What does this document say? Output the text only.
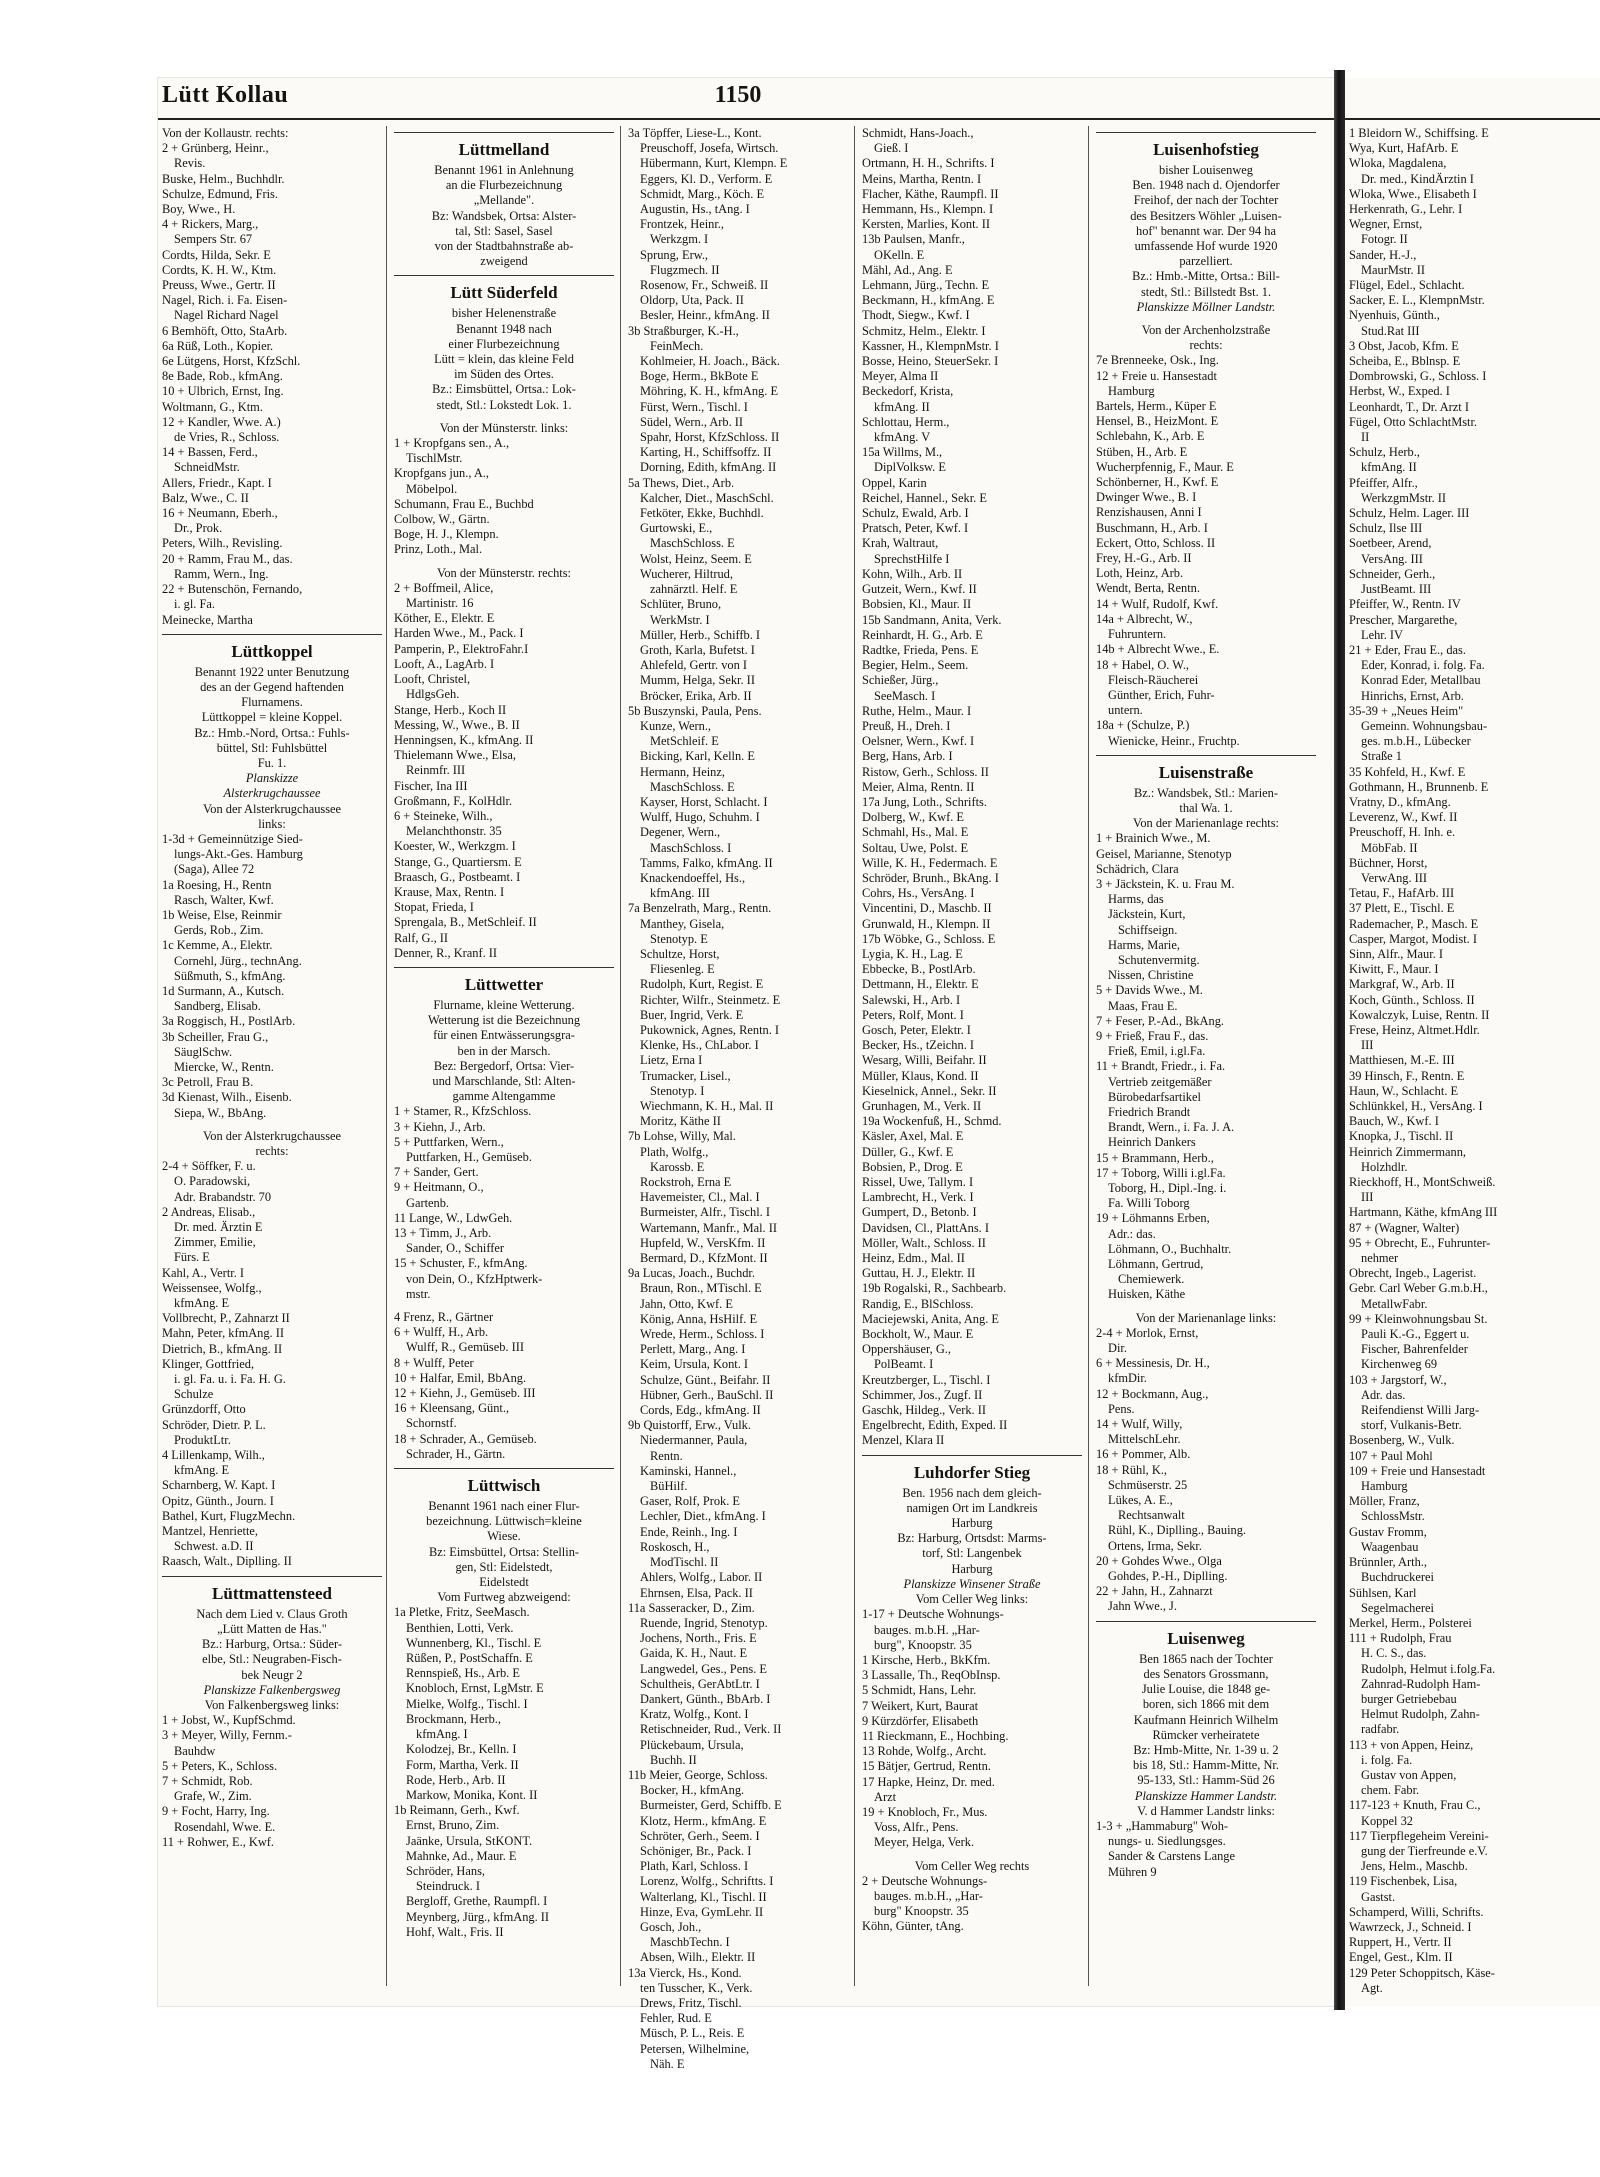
Lütt Kollau	1150
Von der Kollaustr. rechts:
2 + Grünberg, Heinr.,
Revis.
Buske, Helm., Buchhdlr.
Schulze, Edmund, Fris.
Boy, Wwe., H.
4 + Rickers, Marg.,
Sempers Str. 67
Cordts, Hilda, Sekr. E
Cordts, K. H. W., Ktm.
Preuss, Wwe., Gertr. II
Nagel, Rich. i. Fa. Eisen-
Nagel Richard Nagel
6 Bemhöft, Otto, StaArb.
6a Rüß, Loth., Kopier.
6e Lütgens, Horst, KfzSchl.
8e Bade, Rob., kfmAng.
10 + Ulbrich, Ernst, Ing.
Woltmann, G., Ktm.
12 + Kandler, Wwe. A.)
de Vries, R., Schloss.
14 + Bassen, Ferd.,
SchneidMstr.
Allers, Friedr., Kapt. I
Balz, Wwe., C. II
16 + Neumann, Eberh.,
Dr., Prok.
Peters, Wilh., Revisling.
20 + Ramm, Frau M., das.
Ramm, Wern., Ing.
22 + Butenschön, Fernando,
i. gl. Fa.
Meinecke, Martha
Lüttkoppel
Benannt 1922 unter Benutzung
des an der Gegend haftenden
Flurnamens.
Lüttkoppel = kleine Koppel.
Bz.: Hmb.-Nord, Ortsa.: Fuhls-
büttel, Stl: Fuhlsbüttel
Fu. 1.
Planskizze
Alsterkrugchaussee
Von der Alsterkrugchaussee
links:
1-3d + Gemeinnützige Sied-
lungs-Akt.-Ges. Hamburg
(Saga), Allee 72
1a Roesing, H., Rentn
Rasch, Walter, Kwf.
1b Weise, Else, Reinmir
Gerds, Rob., Zim.
1c Kemme, A., Elektr.
Cornehl, Jürg., technAng.
Süßmuth, S., kfmAng.
1d Surmann, A., Kutsch.
Sandberg, Elisab.
3a Roggisch, H., PostlArb.
3b Scheiller, Frau G.,
SäuglSchw.
Miercke, W., Rentn.
3c Petroll, Frau B.
3d Kienast, Wilh., Eisenb.
Siepa, W., BbAng.
Von der Alsterkrugchaussee
rechts:
2-4 + Söffker, F. u.
O. Paradowski,
Adr. Brabandstr. 70
2 Andreas, Elisab.,
Dr. med. Ärztin E
Zimmer, Emilie,
Fürs. E
Kahl, A., Vertr. I
Weissensee, Wolfg.,
kfmAng. E
Vollbrecht, P., Zahnarzt II
Mahn, Peter, kfmAng. II
Dietrich, B., kfmAng. II
Klinger, Gottfried,
i. gl. Fa. u. i. Fa. H. G.
Schulze
Grünzdorff, Otto
Schröder, Dietr. P. L.
ProduktLtr.
4 Lillenkamp, Wilh.,
kfmAng. E
Scharnberg, W. Kapt. I
Opitz, Günth., Journ. I
Bathel, Kurt, FlugzMechn.
Mantzel, Henriette,
Schwest. a.D. II
Raasch, Walt., Diplling. II
Lüttmattensteed
Nach dem Lied v. Claus Groth
„Lütt Matten de Has."
Bz.: Harburg, Ortsa.: Süder-
elbe, Stl.: Neugraben-Fisch-
bek Neugr 2
Planskizze Falkenbergsweg
Von Falkenbergsweg links:
1 + Jobst, W., KupfSchmd.
3 + Meyer, Willy, Fernm.-
Bauhdw
5 + Peters, K., Schloss.
7 + Schmidt, Rob.
Grafe, W., Zim.
9 + Focht, Harry, Ing.
Rosendahl, Wwe. E.
11 + Rohwer, E., Kwf.
Lüttmelland
Benannt 1961 in Anlehnung
an die Flurbezeichnung
„Mellande".
Bz: Wandsbek, Ortsa: Alster-
tal, Stl: Sasel, Sasel
von der Stadtbahnstraße ab-
zweigend
Lütt Süderfeld
bisher Helenenstraße
Benannt 1948 nach
einer Flurbezeichnung
Lütt = klein, das kleine Feld
im Süden des Ortes.
Bz.: Eimsbüttel, Ortsa.: Lok-
stedt, Stl.: Lokstedt Lok. 1.
Von der Münsterstr. links:
1 + Kropfgans sen., A.,
TischlMstr.
Kropfgans jun., A.,
Möbelpol.
Schumann, Frau E., Buchbd
Colbow, W., Gärtn.
Boge, H. J., Klempn.
Prinz, Loth., Mal.
Von der Münsterstr. rechts:
2 + Boffmeil, Alice,
Martinistr. 16
Köther, E., Elektr. E
Harden Wwe., M., Pack. I
Pamperin, P., ElektroFahr.I
Looft, A., LagArb. I
Looft, Christel,
HdlgsGeh.
Stange, Herb., Koch II
Messing, W., Wwe., B. II
Henningsen, K., kfmAng. II
Thielemann Wwe., Elsa,
Reinmfr. III
Fischer, Ina III
Großmann, F., KolHdlr.
6 + Steineke, Wilh.,
Melanchthonstr. 35
Koester, W., Werkzgm. I
Stange, G., Quartiersm. E
Braasch, G., Postbeamt. I
Krause, Max, Rentn. I
Stopat, Frieda, I
Sprengala, B., MetSchleif. II
Ralf, G., II
Denner, R., Kranf. II
Lüttwetter
Flurname, kleine Wetterung.
Wetterung ist die Bezeichnung
für einen Entwässerungsgra-
ben in der Marsch.
Bez: Bergedorf, Ortsa: Vier-
und Marschlande, Stl: Alten-
gamme Altengamme
1 + Stamer, R., KfzSchloss.
3 + Kiehn, J., Arb.
5 + Puttfarken, Wern.,
Puttfarken, H., Gemüseb.
7 + Sander, Gert.
9 + Heitmann, O.,
Gartenb.
11 Lange, W., LdwGeh.
13 + Timm, J., Arb.
Sander, O., Schiffer
15 + Schuster, F., kfmAng.
von Dein, O., KfzHptwerk-
mstr.
4 Frenz, R., Gärtner
6 + Wulff, H., Arb.
Wulff, R., Gemüseb. III
8 + Wulff, Peter
10 + Halfar, Emil, BbAng.
12 + Kiehn, J., Gemüseb. III
16 + Kleensang, Günt.,
Schornstf.
18 + Schrader, A., Gemüseb.
Schrader, H., Gärtn.
Lüttwisch
Benannt 1961 nach einer Flur-
bezeichnung. Lüttwisch=kleine
Wiese.
Bz: Eimsbüttel, Ortsa: Stellin-
gen, Stl: Eidelstedt,
Eidelstedt
Vom Furtweg abzweigend:
1a Pletke, Fritz, SeeMasch.
Benthien, Lotti, Verk.
Wunnenberg, Kl., Tischl. E
Rüßen, P., PostSchaffn. E
Rennspieß, Hs., Arb. E
Knobloch, Ernst, LgMstr. E
Mielke, Wolfg., Tischl. I
Brockmann, Herb.,
kfmAng. I
Kolodzej, Br., Kelln. I
Form, Martha, Verk. II
Rode, Herb., Arb. II
Markow, Monika, Kont. II
1b Reimann, Gerh., Kwf.
Ernst, Bruno, Zim.
Jaänke, Ursula, StKONT.
Mahnke, Ad., Maur. E
Schröder, Hans,
Steindruck. I
Bergloff, Grethe, Raumpfl. I
Meynberg, Jürg., kfmAng. II
Hohf, Walt., Fris. II
3a Töpffer, Liese-L., Kont.
Preuschoff, Josefa, Wirtsch.
Hübermann, Kurt, Klempn. E
Eggers, Kl. D., Verform. E
Schmidt, Marg., Köch. E
Augustin, Hs., tAng. I
Frontzek, Heinr.,
Werkzgm. I
Sprung, Erw.,
Flugzmech. II
Rosenow, Fr., Schweiß. II
Oldorp, Uta, Pack. II
Besler, Heinr., kfmAng. II
3b Straßburger, K.-H.,
FeinMech.
Kohlmeier, H. Joach., Bäck.
Boge, Herm., BkBote E
Möhring, K. H., kfmAng. E
Fürst, Wern., Tischl. I
Südel, Wern., Arb. II
Spahr, Horst, KfzSchloss. II
Karting, H., Schiffsoffz. II
Dorning, Edith, kfmAng. II
5a Thews, Diet., Arb.
Kalcher, Diet., MaschSchl.
Fetköter, Ekke, Buchhdl.
Gurtowski, E.,
MaschSchloss. E
Wolst, Heinz, Seem. E
Wucherer, Hiltrud,
zahnärztl. Helf. E
Schlüter, Bruno,
WerkMstr. I
Müller, Herb., Schiffb. I
Groth, Karla, Bufetst. I
Ahlefeld, Gertr. von I
Mumm, Helga, Sekr. II
Bröcker, Erika, Arb. II
5b Buszynski, Paula, Pens.
Kunze, Wern.,
MetSchleif. E
Bicking, Karl, Kelln. E
Hermann, Heinz,
MaschSchloss. E
Kayser, Horst, Schlacht. I
Wulff, Hugo, Schuhm. I
Degener, Wern.,
MaschSchloss. I
Tamms, Falko, kfmAng. II
Knackendoeffel, Hs.,
kfmAng. III
7a Benzelrath, Marg., Rentn.
Manthey, Gisela,
Stenotyp. E
Schultze, Horst,
Fliesenleg. E
Rudolph, Kurt, Regist. E
Richter, Wilfr., Steinmetz. E
Buer, Ingrid, Verk. E
Pukownick, Agnes, Rentn. I
Klenke, Hs., ChLabor. I
Lietz, Erna I
Trumacker, Lisel.,
Stenotyp. I
Wiechmann, K. H., Mal. II
Moritz, Käthe II
7b Lohse, Willy, Mal.
Plath, Wolfg.,
Karossb. E
Rockstroh, Erna E
Havemeister, Cl., Mal. I
Burmeister, Alfr., Tischl. I
Wartemann, Manfr., Mal. II
Hupfeld, W., VersKfm. II
Bermard, D., KfzMont. II
9a Lucas, Joach., Buchdr.
Braun, Ron., MTischl. E
Jahn, Otto, Kwf. E
König, Anna, HsHilf. E
Wrede, Herm., Schloss. I
Perlett, Marg., Ang. I
Keim, Ursula, Kont. I
Schulze, Günt., Beifahr. II
Hübner, Gerh., BauSchl. II
Cords, Edg., kfmAng. II
9b Quistorff, Erw., Vulk.
Niedermanner, Paula,
Rentn.
Kaminski, Hannel.,
BüHilf.
Gaser, Rolf, Prok. E
Lechler, Diet., kfmAng. I
Ende, Reinh., Ing. I
Roskosch, H.,
ModTischl. II
Ahlers, Wolfg., Labor. II
Ehrnsen, Elsa, Pack. II
11a Sasseracker, D., Zim.
Ruende, Ingrid, Stenotyp.
Jochens, North., Fris. E
Gaida, K. H., Naut. E
Langwedel, Ges., Pens. E
Schultheis, GerAbtLtr. I
Dankert, Günth., BbArb. I
Kratz, Wolfg., Kont. I
Retischneider, Rud., Verk. II
Plückebaum, Ursula,
Buchh. II
11b Meier, George, Schloss.
Bocker, H., kfmAng.
Burmeister, Gerd, Schiffb. E
Klotz, Herm., kfmAng. E
Schröter, Gerh., Seem. I
Schöniger, Br., Pack. I
Plath, Karl, Schloss. I
Lorenz, Wolfg., Schriftts. I
Walterlang, Kl., Tischl. II
Hinze, Eva, GymLehr. II
Gosch, Joh.,
MaschbTechn. I
Absen, Wilh., Elektr. II
13a Vierck, Hs., Kond.
ten Tusscher, K., Verk.
Drews, Fritz, Tischl.
Fehler, Rud. E
Müsch, P. L., Reis. E
Petersen, Wilhelmine,
Näh. E
Schmidt, Hans-Joach.,
Gieß. I
Ortmann, H. H., Schrifts. I
Meins, Martha, Rentn. I
Flacher, Käthe, Raumpfl. II
Hemmann, Hs., Klempn. I
Kersten, Marlies, Kont. II
13b Paulsen, Manfr.,
OKelln. E
Mähl, Ad., Ang. E
Lehmann, Jürg., Techn. E
Beckmann, H., kfmAng. E
Thodt, Siegw., Kwf. I
Schmitz, Helm., Elektr. I
Kassner, H., KlempnMstr. I
Bosse, Heino, SteuerSekr. I
Meyer, Alma II
Beckedorf, Krista,
kfmAng. II
Schlottau, Herm.,
kfmAng. V
15a Willms, M.,
DiplVolksw. E
Oppel, Karin
Reichel, Hannel., Sekr. E
Schulz, Ewald, Arb. I
Pratsch, Peter, Kwf. I
Krah, Waltraut,
SprechstHilfe I
Kohn, Wilh., Arb. II
Gutzeit, Wern., Kwf. II
Bobsien, Kl., Maur. II
15b Sandmann, Anita, Verk.
Reinhardt, H. G., Arb. E
Radtke, Frieda, Pens. E
Begier, Helm., Seem.
Schießer, Jürg.,
SeeMasch. I
Ruthe, Helm., Maur. I
Preuß, H., Dreh. I
Oelsner, Wern., Kwf. I
Berg, Hans, Arb. I
Ristow, Gerh., Schloss. II
Meier, Alma, Rentn. II
17a Jung, Loth., Schrifts.
Dolberg, W., Kwf. E
Schmahl, Hs., Mal. E
Soltau, Uwe, Polst. E
Wille, K. H., Federmach. E
Schröder, Brunh., BkAng. I
Cohrs, Hs., VersAng. I
Vincentini, D., Maschb. II
Grunwald, H., Klempn. II
17b Wöbke, G., Schloss. E
Lygia, K. H., Lag. E
Ebbecke, B., PostlArb.
Dettmann, H., Elektr. E
Salewski, H., Arb. I
Peters, Rolf, Mont. I
Gosch, Peter, Elektr. I
Becker, Hs., tZeichn. I
Wesarg, Willi, Beifahr. II
Müller, Klaus, Kond. II
Kieselnick, Annel., Sekr. II
Grunhagen, M., Verk. II
19a Wockenfuß, H., Schmd.
Käsler, Axel, Mal. E
Düller, G., Kwf. E
Bobsien, P., Drog. E
Rissel, Uwe, Tallym. I
Lambrecht, H., Verk. I
Gumpert, D., Betonb. I
Davidsen, Cl., PlattAns. I
Möller, Walt., Schloss. II
Heinz, Edm., Mal. II
Guttau, H. J., Elektr. II
19b Rogalski, R., Sachbearb.
Randig, E., BlSchloss.
Maciejewski, Anita, Ang. E
Bockholt, W., Maur. E
Oppershäuser, G.,
PolBeamt. I
Kreutzberger, L., Tischl. I
Schimmer, Jos., Zugf. II
Gaschk, Hildeg., Verk. II
Engelbrecht, Edith, Exped. II
Menzel, Klara II
Luhdorfer Stieg
Ben. 1956 nach dem gleich-
namigen Ort im Landkreis
Harburg
Bz: Harburg, Ortsdst: Marms-
torf, Stl: Langenbek
Harburg
Planskizze Winsener Straße
Vom Celler Weg links:
1-17 + Deutsche Wohnungs-
bauges. m.b.H. „Har-
burg", Knoopstr. 35
1 Kirsche, Herb., BkKfm.
3 Lassalle, Th., ReqObInsp.
5 Schmidt, Hans, Lehr.
7 Weikert, Kurt, Baurat
9 Kürzdörfer, Elisabeth
11 Rieckmann, E., Hochbing.
13 Rohde, Wolfg., Archt.
15 Bätjer, Gertrud, Rentn.
17 Hapke, Heinz, Dr. med.
Arzt
19 + Knobloch, Fr., Mus.
Voss, Alfr., Pens.
Meyer, Helga, Verk.
Vom Celler Weg rechts
2 + Deutsche Wohnungs-
bauges. m.b.H., „Har-
burg" Knoopstr. 35
Köhn, Günter, tAng.
Luisenhofstieg
bisher Louisenweg
Ben. 1948 nach d. Ojendorfer
Freihof, der nach der Tochter
des Besitzers Wöhler „Luisen-
hof" benannt war. Der 94 ha
umfassende Hof wurde 1920
parzelliert.
Bz.: Hmb.-Mitte, Ortsa.: Bill-
stedt, Stl.: Billstedt Bst. 1.
Planskizze Möllner Landstr.
Von der Archenholzstraße
rechts:
7e Brenneeke, Osk., Ing.
12 + Freie u. Hansestadt
Hamburg
Bartels, Herm., Küper E
Hensel, B., HeizMont. E
Schlebahn, K., Arb. E
Stüben, H., Arb. E
Wucherpfennig, F., Maur. E
Schönberner, H., Kwf. E
Dwinger Wwe., B. I
Renzishausen, Anni I
Buschmann, H., Arb. I
Eckert, Otto, Schloss. II
Frey, H.-G., Arb. II
Loth, Heinz, Arb.
Wendt, Berta, Rentn.
14 + Wulf, Rudolf, Kwf.
14a + Albrecht, W.,
Fuhruntern.
14b + Albrecht Wwe., E.
18 + Habel, O. W.,
Fleisch-Räucherei
Günther, Erich, Fuhr-
untern.
18a + (Schulze, P.)
Wienicke, Heinr., Fruchtp.
Luisenstraße
Bz.: Wandsbek, Stl.: Marien-
thal Wa. 1.
Von der Marienanlage rechts:
1 + Brainich Wwe., M.
Geisel, Marianne, Stenotyp
Schädrich, Clara
3 + Jäckstein, K. u. Frau M.
Harms, das
Jäckstein, Kurt,
Schiffseign.
Harms, Marie,
Schutenvermitg.
Nissen, Christine
5 + Davids Wwe., M.
Maas, Frau E.
7 + Feser, P.-Ad., BkAng.
9 + Frieß, Frau F., das.
Frieß, Emil, i.gl.Fa.
11 + Brandt, Friedr., i. Fa.
Vertrieb zeitgemäßer
Bürobedarfsartikel
Friedrich Brandt
Brandt, Wern., i. Fa. J. A.
Heinrich Dankers
15 + Brammann, Herb.,
17 + Toborg, Willi i.gl.Fa.
Toborg, H., Dipl.-Ing. i.
Fa. Willi Toborg
19 + Löhmanns Erben,
Adr.: das.
Löhmann, O., Buchhaltr.
Löhmann, Gertrud,
Chemiewerk.
Huisken, Käthe
Von der Marienanlage links:
2-4 + Morlok, Ernst,
Dir.
6 + Messinesis, Dr. H.,
kfmDir.
12 + Bockmann, Aug.,
Pens.
14 + Wulf, Willy,
MittelschLehr.
16 + Pommer, Alb.
18 + Rühl, K.,
Schmüserstr. 25
Lükes, A. E.,
Rechtsanwalt
Rühl, K., Diplling., Bauing.
Ortens, Irma, Sekr.
20 + Gohdes Wwe., Olga
Gohdes, P.-H., Diplling.
22 + Jahn, H., Zahnarzt
Jahn Wwe., J.
Luisenweg
Ben 1865 nach der Tochter
des Senators Grossmann,
Julie Louise, die 1848 ge-
boren, sich 1866 mit dem
Kaufmann Heinrich Wilhelm
Rümcker verheiratete
Bz: Hmb-Mitte, Nr. 1-39 u. 2
bis 18, Stl.: Hamm-Mitte, Nr.
95-133, Stl.: Hamm-Süd 26
Planskizze Hammer Landstr.
V. d Hammer Landstr links:
1-3 + „Hammaburg" Woh-
nungs- u. Siedlungsges.
Sander & Carstens Lange
Mühren 9
1 Bleidorn W., Schiffsing. E
Wya, Kurt, HafArb. E
Wloka, Magdalena,
Dr. med., KindÄrztin I
Wloka, Wwe., Elisabeth I
Herkenrath, G., Lehr. I
Wegner, Ernst,
Fotogr. II
Sander, H.-J.,
MaurMstr. II
Flügel, Edel., Schlacht.
Sacker, E. L., KlempnMstr.
Nyenhuis, Günth.,
Stud.Rat III
3 Obst, Jacob, Kfm. E
Scheiba, E., Bblnsp. E
Dombrowski, G., Schloss. I
Herbst, W., Exped. I
Leonhardt, T., Dr. Arzt I
Fügel, Otto SchlachtMstr.
II
Schulz, Herb.,
kfmAng. II
Pfeiffer, Alfr.,
WerkzgmMstr. II
Schulz, Helm. Lager. III
Schulz, Ilse III
Soetbeer, Arend,
VersAng. III
Schneider, Gerh.,
JustBeamt. III
Pfeiffer, W., Rentn. IV
Prescher, Margarethe,
Lehr. IV
21 + Eder, Frau E., das.
Eder, Konrad, i. folg. Fa.
Konrad Eder, Metallbau
Hinrichs, Ernst, Arb.
35-39 + „Neues Heim"
Gemeinn. Wohnungsbau-
ges. m.b.H., Lübecker
Straße 1
35 Kohfeld, H., Kwf. E
Gothmann, H., Brunnenb. E
Vratny, D., kfmAng.
Leverenz, W., Kwf. II
Preuschoff, H. Inh. e.
MöbFab. II
Büchner, Horst,
VerwAng. III
Tetau, F., HafArb. III
37 Plett, E., Tischl. E
Rademacher, P., Masch. E
Casper, Margot, Modist. I
Sinn, Alfr., Maur. I
Kiwitt, F., Maur. I
Markgraf, W., Arb. II
Koch, Günth., Schloss. II
Kowalczyk, Luise, Rentn. II
Frese, Heinz, Altmet.Hdlr.
III
Matthiesen, M.-E. III
39 Hinsch, F., Rentn. E
Haun, W., Schlacht. E
Schlünkkel, H., VersAng. I
Bauch, W., Kwf. I
Knopka, J., Tischl. II
Heinrich Zimmermann,
Holzhdlr.
Rieckhoff, H., MontSchweiß.
III
Hartmann, Käthe, kfmAng III
87 + (Wagner, Walter)
95 + Obrecht, E., Fuhrunter-
nehmer
Obrecht, Ingeb., Lagerist.
Gebr. Carl Weber G.m.b.H.,
MetallwFabr.
99 + Kleinwohnungsbau St.
Pauli K.-G., Eggert u.
Fischer, Bahrenfelder
Kirchenweg 69
103 + Jargstorf, W.,
Adr. das.
Reifendienst Willi Jarg-
storf, Vulkanis-Betr.
Bosenberg, W., Vulk.
107 + Paul Mohl
109 + Freie und Hansestadt
Hamburg
Möller, Franz,
SchlossMstr.
Gustav Fromm,
Waagenbau
Brünnler, Arth.,
Buchdruckerei
Sühlsen, Karl
Segelmacherei
Merkel, Herm., Polsterei
111 + Rudolph, Frau
H. C. S., das.
Rudolph, Helmut i.folg.Fa.
Zahnrad-Rudolph Ham-
burger Getriebebau
Helmut Rudolph, Zahn-
radfabr.
113 + von Appen, Heinz,
i. folg. Fa.
Gustav von Appen,
chem. Fabr.
117-123 + Knuth, Frau C.,
Koppel 32
117 Tierpflegeheim Vereini-
gung der Tierfreunde e.V.
Jens, Helm., Maschb.
119 Fischenbek, Lisa,
Gastst.
Schamperd, Willi, Schrifts.
Wawrzeck, J., Schneid. I
Ruppert, H., Vertr. II
Engel, Gest., Klm. II
129 Peter Schoppitsch, Käse-
Agt.
